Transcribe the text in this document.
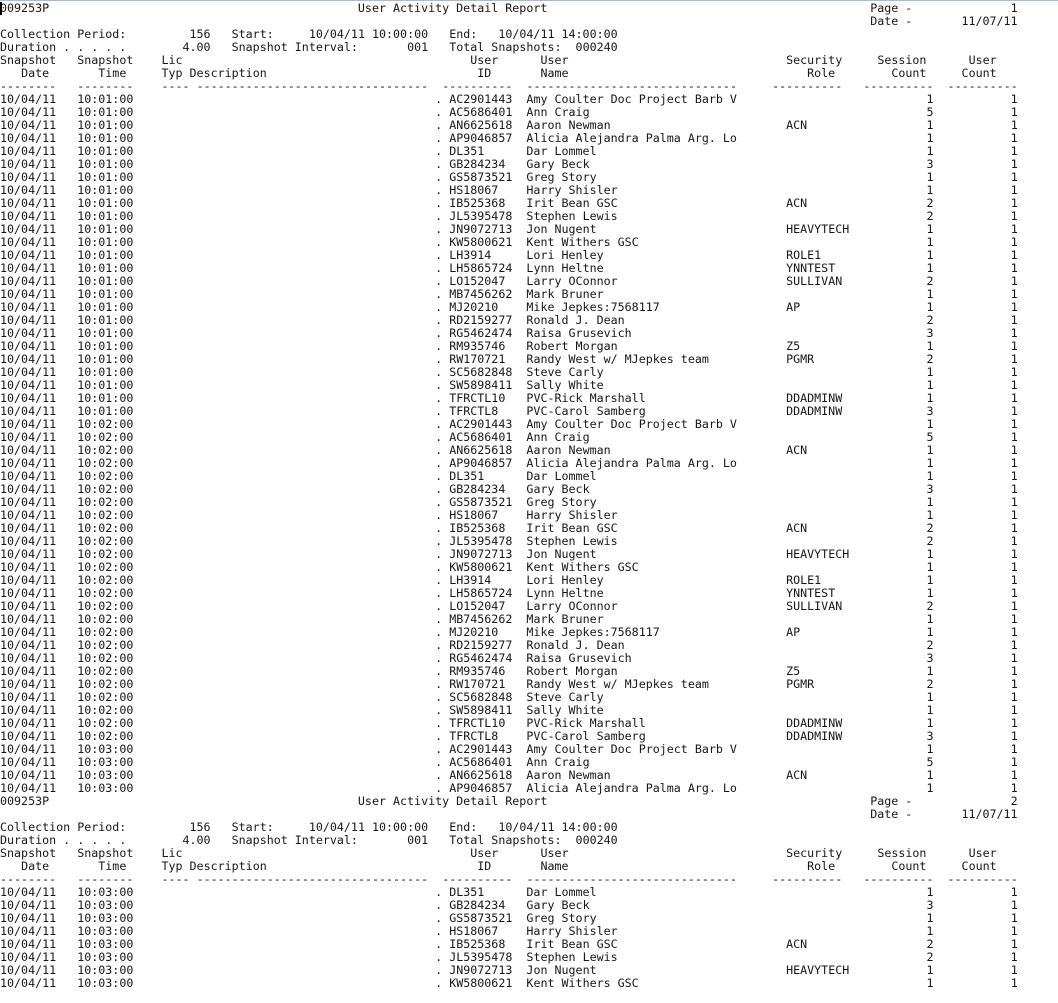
009253P	User Activity Detail Report	Page -	1
Date -	11/07/11
Collection Period:	156 Start:	10/04/11 10:00:00 End: 10/04/11 14:00:00
Duration . . . . .	4.00 Snapshot Interval:	001 Total Snapshots: 000240
Snapshot Snapshot Lic	User	User	Security	Session	User
Date	Time	Typ Description	ID	Name	Role	Count	Count
-------- -------- ---- --------------------------------- ---------- ------------------------------	---------- ---------- ----------
10/04/11 10:01:00	. AC2901443 Amy Coulter Doc Project Barb V	1	1
10/04/11 10:01:00	. AC5686401 Ann Craig	5	1
10/04/11 10:01:00	. AN6625618 Aaron Newman	ACN	1	1
10/04/11 10:01:00	. AP9046857 Alicia Alejandra Palma Arg. Lo	1	1
10/04/11 10:01:00	. DL351	Dar Lommel	1	1
10/04/11 10:01:00	. GB284234 Gary Beck	3	1
10/04/11 10:01:00	. GS5873521 Greg Story	1	1
10/04/11 10:01:00	. HS18067 Harry Shisler	1	1
10/04/11 10:01:00	. IB525368 Irit Bean GSC	ACN	2	1
10/04/11 10:01:00	. JL5395478 Stephen Lewis	2	1
10/04/11 10:01:00	. JN9072713 Jon Nugent	HEAVYTECH	1	1
10/04/11 10:01:00	. KW5800621 Kent Withers GSC	1	1
10/04/11 10:01:00	. LH3914	Lori Henley	ROLE1	1	1
10/04/11 10:01:00	. LH5865724 Lynn Heltne	YNNTEST	1	1
10/04/11 10:01:00	. LO152047 Larry OConnor	SULLIVAN	2	1
10/04/11 10:01:00	. MB7456262 Mark Bruner	1	1
10/04/11 10:01:00	. MJ20210 Mike Jepkes:7568117	AP	1	1
10/04/11 10:01:00	. RD2159277 Ronald J. Dean	2	1
10/04/11 10:01:00	. RG5462474 Raisa Grusevich	3	1
10/04/11 10:01:00	. RM935746 Robert Morgan	Z5	1	1
10/04/11 10:01:00	. RW170721 Randy West w/ MJepkes team	PGMR	2	1
10/04/11 10:01:00	. SC5682848 Steve Carly	1	1
10/04/11 10:01:00	. SW5898411 Sally White	1	1
10/04/11 10:01:00	. TFRCTL10 PVC-Rick Marshall	DDADMINW	1	1
10/04/11 10:01:00	. TFRCTL8 PVC-Carol Samberg	DDADMINW	3	1
10/04/11 10:02:00	. AC2901443 Amy Coulter Doc Project Barb V	1	1
10/04/11 10:02:00	. AC5686401 Ann Craig	5	1
10/04/11 10:02:00	. AN6625618 Aaron Newman	ACN	1	1
10/04/11 10:02:00	. AP9046857 Alicia Alejandra Palma Arg. Lo	1	1
10/04/11 10:02:00	. DL351	Dar Lommel	1	1
10/04/11 10:02:00	. GB284234 Gary Beck	3	1
10/04/11 10:02:00	. GS5873521 Greg Story	1	1
10/04/11 10:02:00	. HS18067 Harry Shisler	1	1
10/04/11 10:02:00	. IB525368 Irit Bean GSC	ACN	2	1
10/04/11 10:02:00	. JL5395478 Stephen Lewis	2	1
10/04/11 10:02:00	. JN9072713 Jon Nugent	HEAVYTECH	1	1
10/04/11 10:02:00	. KW5800621 Kent Withers GSC	1	1
10/04/11 10:02:00	. LH3914	Lori Henley	ROLE1	1	1
10/04/11 10:02:00	. LH5865724 Lynn Heltne	YNNTEST	1	1
10/04/11 10:02:00	. LO152047 Larry OConnor	SULLIVAN	2	1
10/04/11 10:02:00	. MB7456262 Mark Bruner	1	1
10/04/11 10:02:00	. MJ20210 Mike Jepkes:7568117	AP	1	1
10/04/11 10:02:00	. RD2159277 Ronald J. Dean	2	1
10/04/11 10:02:00	. RG5462474 Raisa Grusevich	3	1
10/04/11 10:02:00	. RM935746 Robert Morgan	Z5	1	1
10/04/11 10:02:00	. RW170721 Randy West w/ MJepkes team	PGMR	2	1
10/04/11 10:02:00	. SC5682848 Steve Carly	1	1
10/04/11 10:02:00	. SW5898411 Sally White	1	1
10/04/11 10:02:00	. TFRCTL10 PVC-Rick Marshall	DDADMINW	1	1
10/04/11 10:02:00	. TFRCTL8 PVC-Carol Samberg	DDADMINW	3	1
10/04/11 10:03:00	. AC2901443 Amy Coulter Doc Project Barb V	1	1
10/04/11 10:03:00	. AC5686401 Ann Craig	5	1
10/04/11 10:03:00	. AN6625618 Aaron Newman	ACN	1	1
10/04/11 10:03:00	. AP9046857 Alicia Alejandra Palma Arg. Lo	1	1
009253P	User Activity Detail Report	Page -	2
Date -	11/07/11
Collection Period:	156 Start:	10/04/11 10:00:00 End: 10/04/11 14:00:00
Duration . . . . .	4.00 Snapshot Interval:	001 Total Snapshots: 000240
Snapshot Snapshot Lic	User	User	Security	Session	User
Date	Time	Typ Description	ID	Name	Role	Count	Count
-------- -------- ---- --------------------------------- ---------- ------------------------------	---------- ---------- ----------
10/04/11 10:03:00	. DL351	Dar Lommel	1	1
10/04/11 10:03:00	. GB284234 Gary Beck	3	1
10/04/11 10:03:00	. GS5873521 Greg Story	1	1
10/04/11 10:03:00	. HS18067 Harry Shisler	1	1
10/04/11 10:03:00	. IB525368 Irit Bean GSC	ACN	2	1
10/04/11 10:03:00	. JL5395478 Stephen Lewis	2	1
10/04/11 10:03:00	. JN9072713 Jon Nugent	HEAVYTECH	1	1
10/04/11 10:03:00	. KW5800621 Kent Withers GSC	1	1
